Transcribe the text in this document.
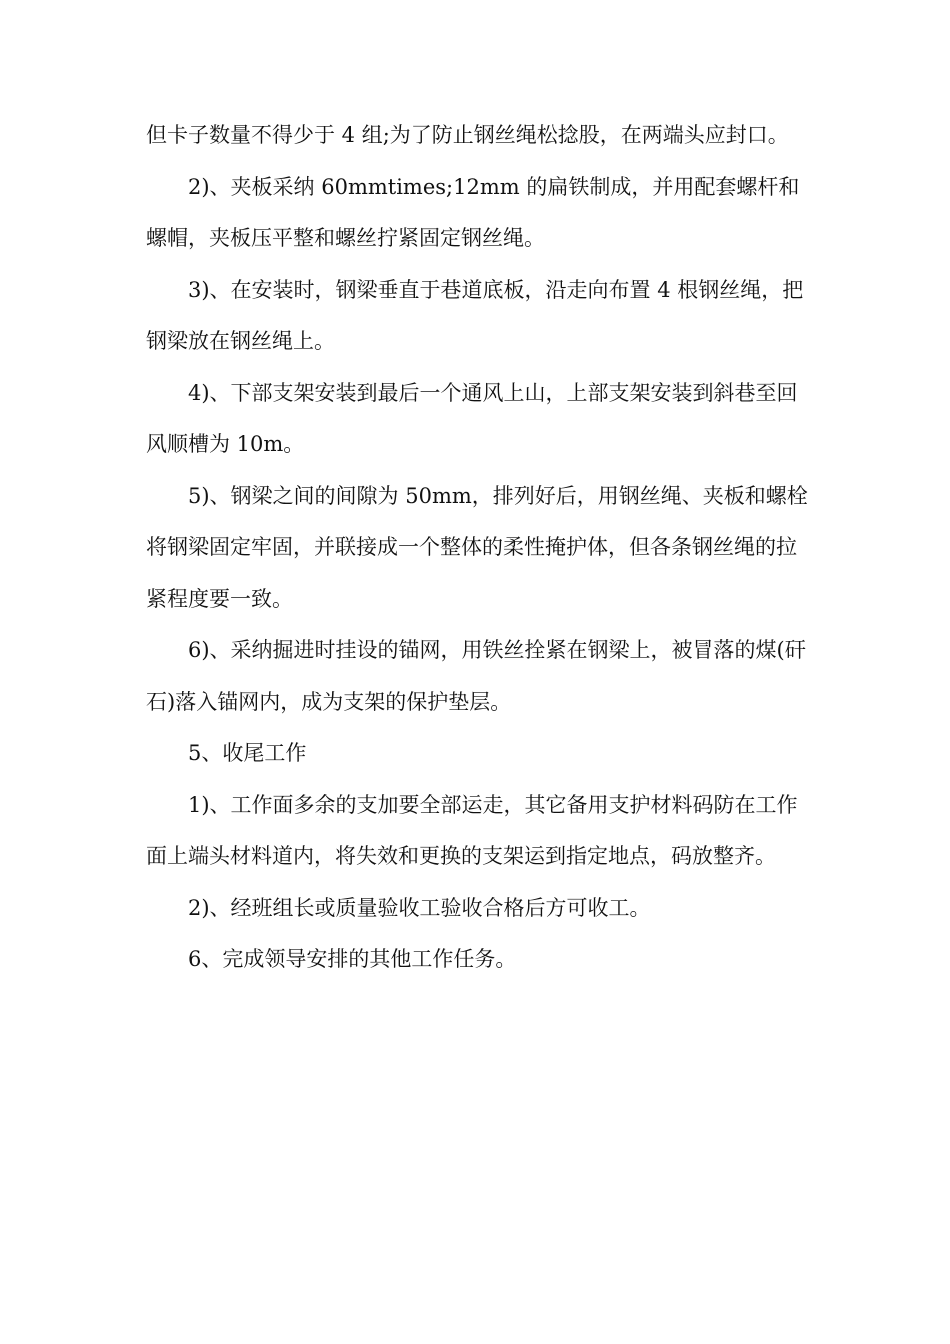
但卡子数量不得少于 4 组;为了防止钢丝绳松捻股，在两端头应封口。

2)、夹板采纳 60mmtimes;12mm 的扁铁制成，并用配套螺杆和螺帽，夹板压平整和螺丝拧紧固定钢丝绳。

3)、在安装时，钢梁垂直于巷道底板，沿走向布置 4 根钢丝绳，把钢梁放在钢丝绳上。

4)、下部支架安装到最后一个通风上山，上部支架安装到斜巷至回风顺槽为 10m。

5)、钢梁之间的间隙为 50mm，排列好后，用钢丝绳、夹板和螺栓将钢梁固定牢固，并联接成一个整体的柔性掩护体，但各条钢丝绳的拉紧程度要一致。

6)、采纳掘进时挂设的锚网，用铁丝拴紧在钢梁上，被冒落的煤(矸石)落入锚网内，成为支架的保护垫层。

5、收尾工作

1)、工作面多余的支加要全部运走，其它备用支护材料码防在工作面上端头材料道内，将失效和更换的支架运到指定地点，码放整齐。

2)、经班组长或质量验收工验收合格后方可收工。

6、完成领导安排的其他工作任务。
